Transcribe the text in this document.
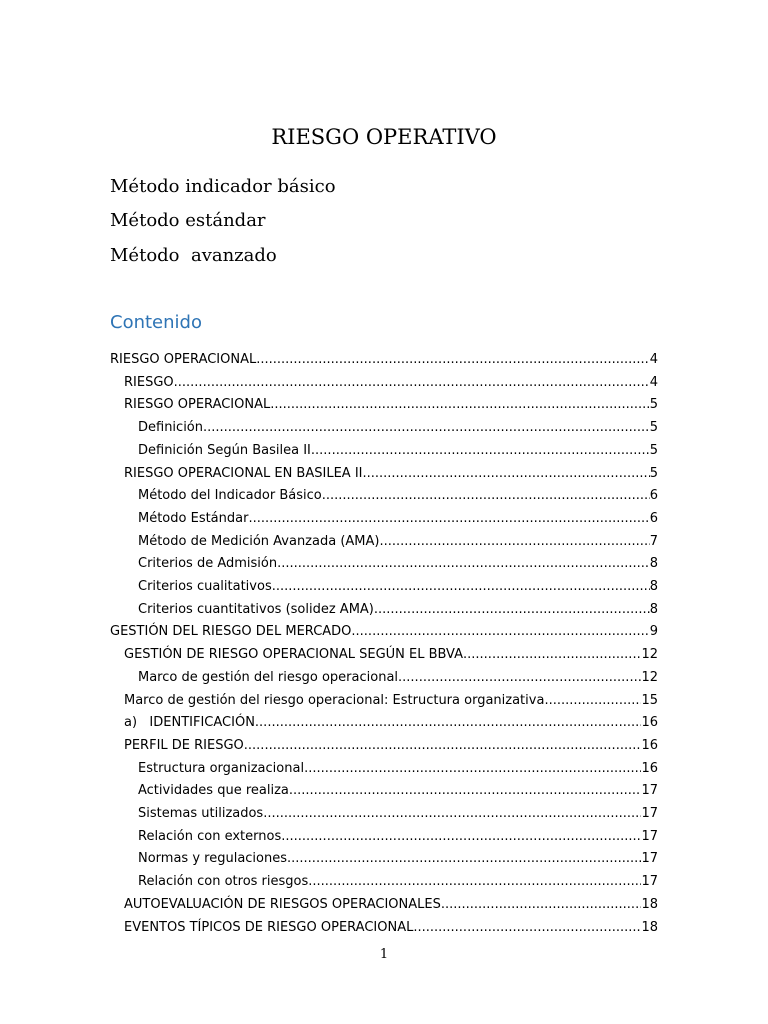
RIESGO OPERATIVO
Método indicador básico
Método estándar
Método  avanzado
Contenido
RIESGO OPERACIONAL .....	4
RIESGO .....	4
RIESGO OPERACIONAL .....	5
Definición .....	5
Definición Según Basilea II .....	5
RIESGO OPERACIONAL EN BASILEA II .....	5
Método del Indicador Básico .....	6
Método Estándar .....	6
Método de Medición Avanzada (AMA) .....	7
Criterios de Admisión .....	8
Criterios cualitativos .....	8
Criterios cuantitativos (solidez AMA) .....	8
GESTIÓN DEL RIESGO DEL MERCADO .....	9
GESTIÓN DE RIESGO OPERACIONAL SEGÚN EL BBVA .....	12
Marco de gestión del riesgo operacional .....	12
Marco de gestión del riesgo operacional: Estructura organizativa .....	15
a)   IDENTIFICACIÓN .....	16
PERFIL DE RIESGO .....	16
Estructura organizacional .....	16
Actividades que realiza .....	17
Sistemas utilizados .....	17
Relación con externos .....	17
Normas y regulaciones .....	17
Relación con otros riesgos .....	17
AUTOEVALUACIÓN DE RIESGOS OPERACIONALES .....	18
EVENTOS TÍPICOS DE RIESGO OPERACIONAL .....	18
1
